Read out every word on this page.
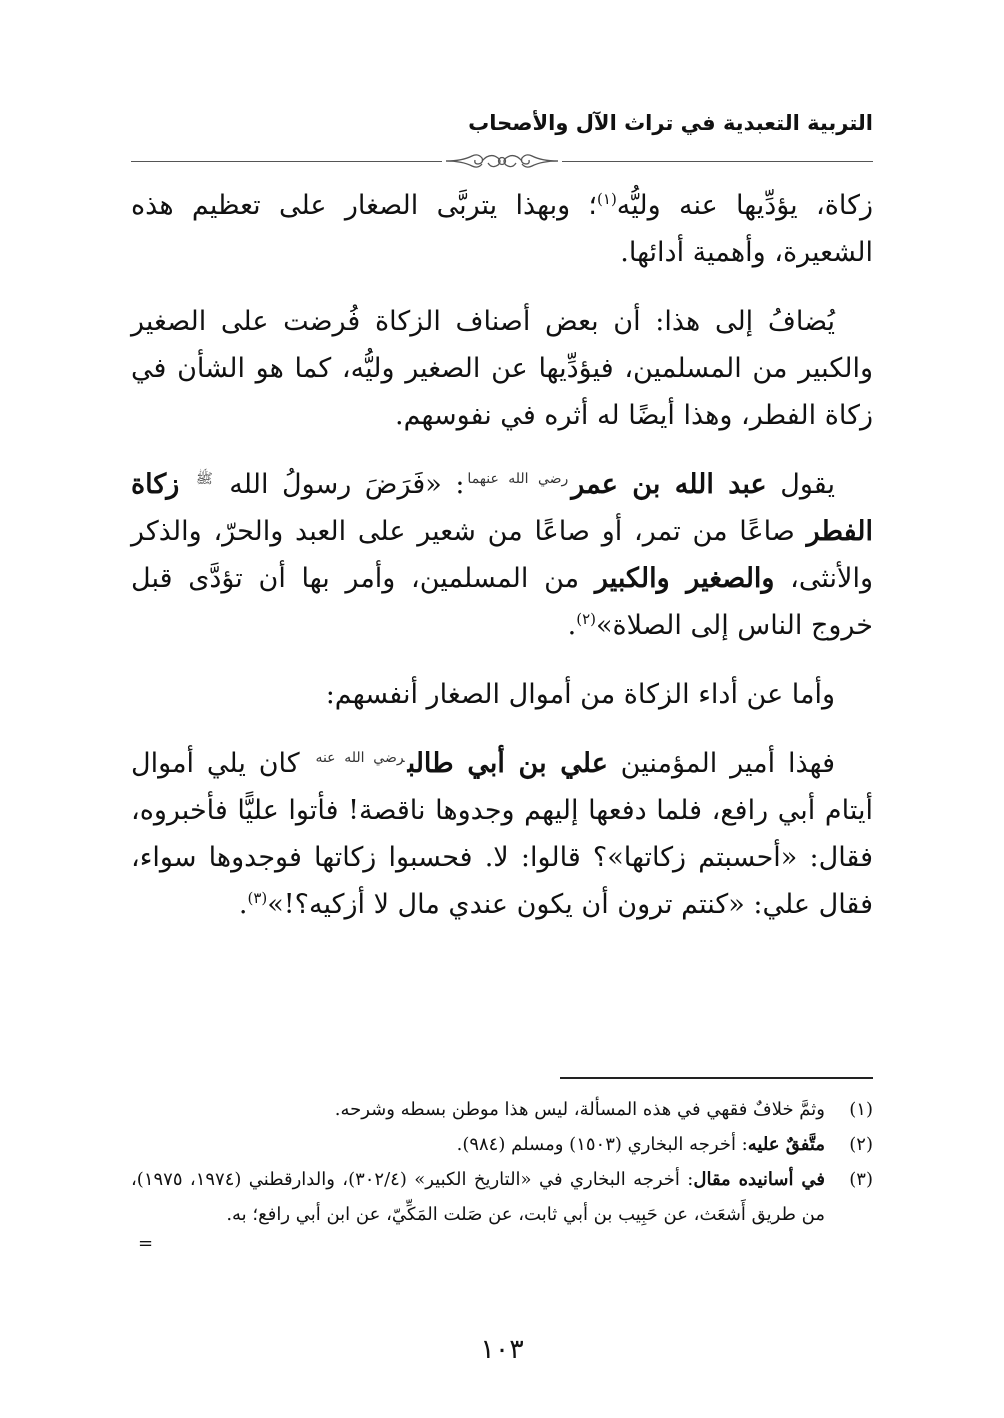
التربية التعبدية في تراث الآل والأصحاب

زكاة، يؤدِّيها عنه وليُّه$^{(١)}$؛ وبهذا يتربَّى الصغار على تعظيم هذه الشعيرة، وأهمية أدائها.

يُضافُ إلى هذا: أن بعض أصناف الزكاة فُرضت على الصغير والكبير من المسلمين، فيؤدِّيها عن الصغير وليُّه، كما هو الشأن في زكاة الفطر، وهذا أيضًا له أثره في نفوسهم.

يقول عبد الله بن عمر$^{رضي الله عنهما}$: «فَرَضَ رسولُ الله $^ﷺ$ زكاة الفطر صاعًا من تمر، أو صاعًا من شعير على العبد والحرّ، والذكر والأنثى، والصغير والكبير من المسلمين، وأمر بها أن تؤدَّى قبل خروج الناس إلى الصلاة»$^{(٢)}$.

وأما عن أداء الزكاة من أموال الصغار أنفسهم:

فهذا أمير المؤمنين علي بن أبي طالب$^{رضي الله عنه}$ كان يلي أموال أيتام أبي رافع، فلما دفعها إليهم وجدوها ناقصة! فأتوا عليًّا فأخبروه، فقال: «أحسبتم زكاتها»؟ قالوا: لا. فحسبوا زكاتها فوجدوها سواء، فقال علي: «كنتم ترون أن يكون عندي مال لا أزكيه؟!»$^{(٣)}$.

(١)
وثمَّ خلافٌ فقهي في هذه المسألة، ليس هذا موطن بسطه وشرحه.
(٢)
متَّفقٌ عليه: أخرجه البخاري (١٥٠٣) ومسلم (٩٨٤).
(٣)
في أسانيده مقال: أخرجه البخاري في «التاريخ الكبير» (٣٠٢/٤)، والدارقطني (١٩٧٤، ١٩٧٥)، من طريق أَشعَث، عن حَبِيب بن أبي ثابت، عن صَلت المَكِّيّ، عن ابن أبي رافع؛ به.
=
١٠٣
